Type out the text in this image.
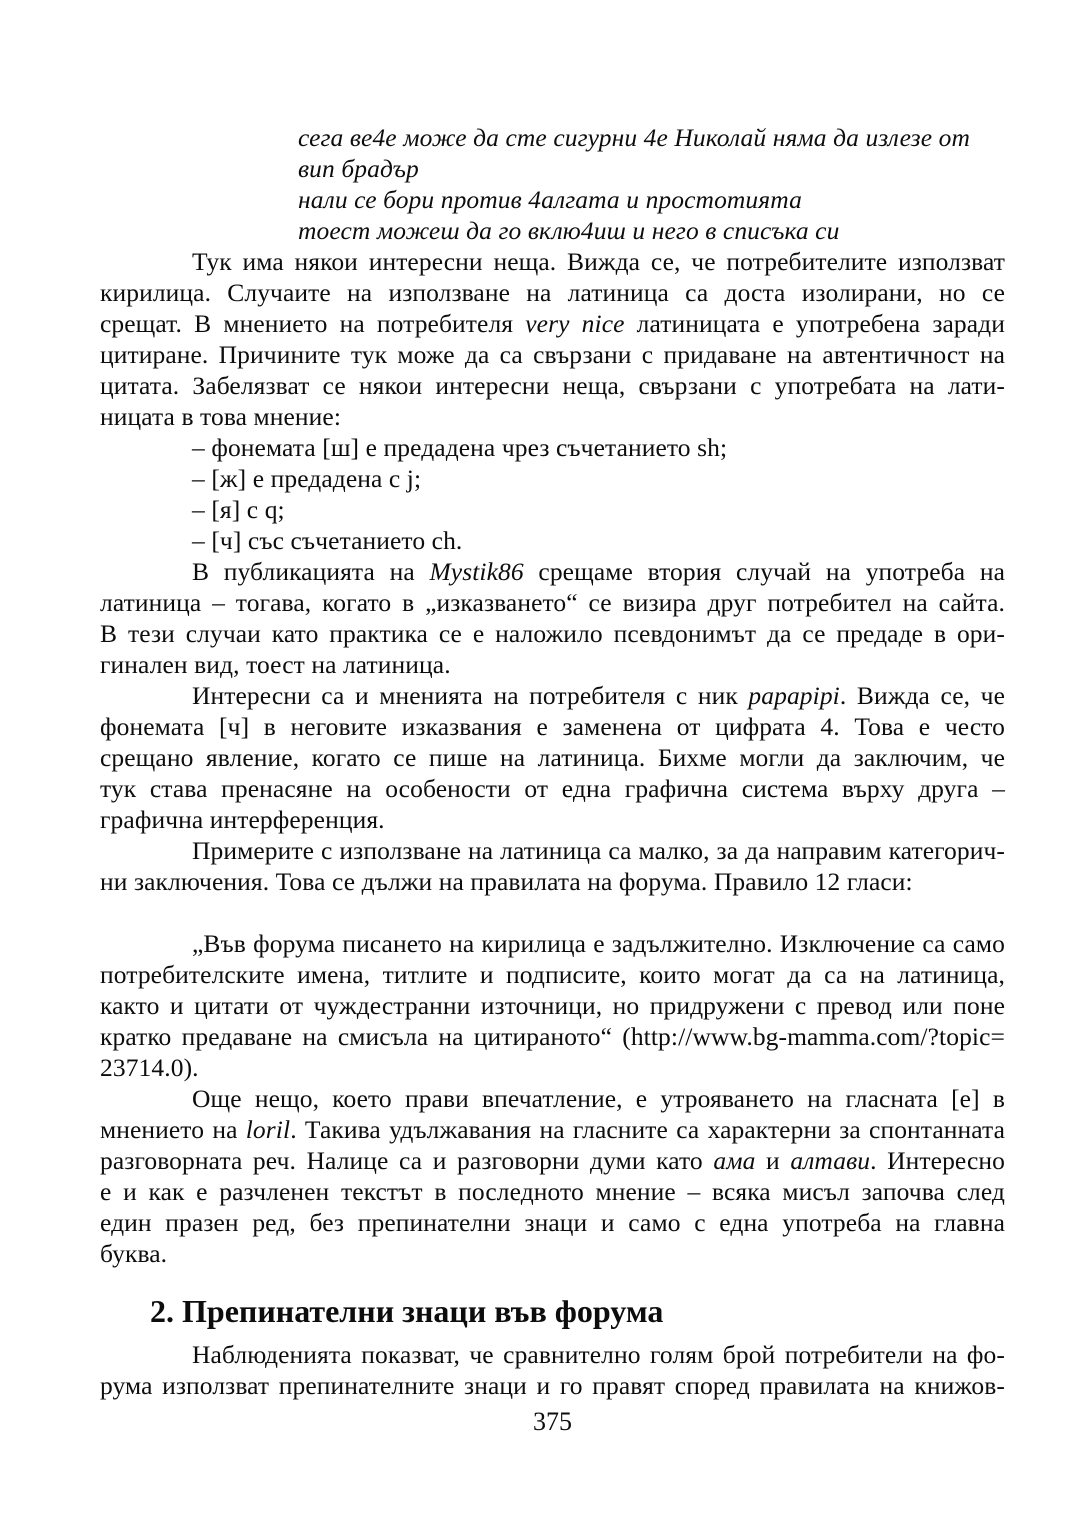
сега ве4е може да сте сигурни 4е Николай няма да излезе от
вип брадър
нали се бори против 4алгата и простотията
тоест можеш да го вклю4иш и него в списъка си
Тук има някои интересни неща. Вижда се, че потребителите използват
кирилица. Случаите на използване на латиница са доста изолирани, но се
срещат. В мнението на потребителя very nice латиницата е употребена заради
цитиране. Причините тук може да са свързани с придаване на автентичност на
цитата. Забелязват се някои интересни неща, свързани с употребата на лати-
ницата в това мнение:
– фонемата [ш] е предадена чрез съчетанието sh;
– [ж] е предадена с j;
– [я] с q;
– [ч] със съчетанието ch.
В публикацията на Mystik86 срещаме втория случай на употреба на
латиница – тогава, когато в „изказването“ се визира друг потребител на сайта.
В тези случаи като практика се е наложило псевдонимът да се предаде в ори-
гинален вид, тоест на латиница.
Интересни са и мненията на потребителя с ник papapipi. Вижда се, че
фонемата [ч] в неговите изказвания е заменена от цифрата 4. Това е често
срещано явление, когато се пише на латиница. Бихме могли да заключим, че
тук става пренасяне на особености от една графична система върху друга –
графична интерференция.
Примерите с използване на латиница са малко, за да направим категорич-
ни заключения. Това се дължи на правилата на форума. Правило 12 гласи:
„Във форума писането на кирилица е задължително. Изключение са само
потребителските имена, титлите и подписите, които могат да са на латиница,
както и цитати от чуждестранни източници, но придружени с превод или поне
кратко предаване на смисъла на цитираното“ (http://www.bg-mamma.com/?topic=
23714.0).
Още нещо, което прави впечатление, е утрояването на гласната [е] в
мнението на loril. Такива удължавания на гласните са характерни за спонтанната
разговорната реч. Налице са и разговорни думи като ама и алтави. Интересно
е и как е разчленен текстът в последното мнение – всяка мисъл започва след
един празен ред, без препинателни знаци и само с една употреба на главна
буква.
2. Препинателни знаци във форума
Наблюденията показват, че сравнително голям брой потребители на фо-
рума използват препинателните знаци и го правят според правилата на книжов-
375
